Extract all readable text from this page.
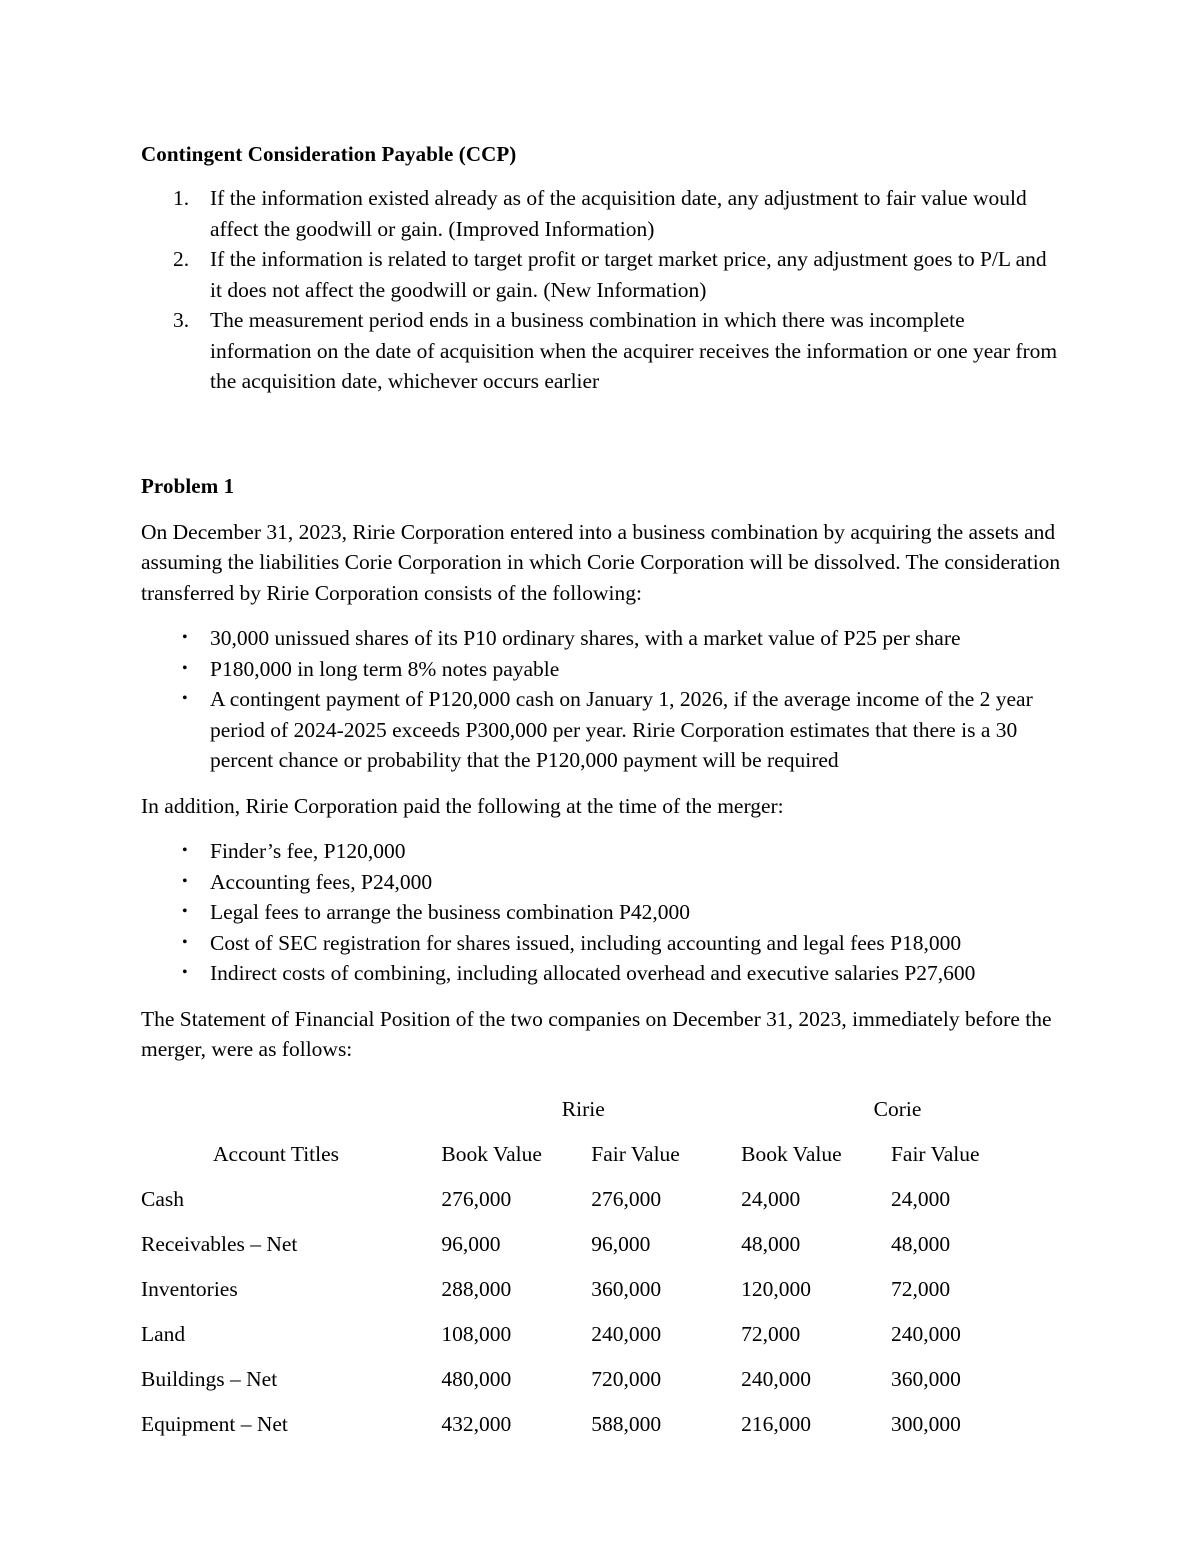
Contingent Consideration Payable (CCP)
1. If the information existed already as of the acquisition date, any adjustment to fair value would affect the goodwill or gain. (Improved Information)
2. If the information is related to target profit or target market price, any adjustment goes to P/L and it does not affect the goodwill or gain. (New Information)
3. The measurement period ends in a business combination in which there was incomplete information on the date of acquisition when the acquirer receives the information or one year from the acquisition date, whichever occurs earlier
Problem 1

On December 31, 2023, Ririe Corporation entered into a business combination by acquiring the assets and assuming the liabilities Corie Corporation in which Corie Corporation will be dissolved. The consideration transferred by Ririe Corporation consists of the following:

• 30,000 unissued shares of its P10 ordinary shares, with a market value of P25 per share
• P180,000 in long term 8% notes payable
• A contingent payment of P120,000 cash on January 1, 2026, if the average income of the 2 year period of 2024-2025 exceeds P300,000 per year. Ririe Corporation estimates that there is a 30 percent chance or probability that the P120,000 payment will be required

In addition, Ririe Corporation paid the following at the time of the merger:

• Finder’s fee, P120,000
• Accounting fees, P24,000
• Legal fees to arrange the business combination P42,000
• Cost of SEC registration for shares issued, including accounting and legal fees P18,000
• Indirect costs of combining, including allocated overhead and executive salaries P27,600

The Statement of Financial Position of the two companies on December 31, 2023, immediately before the merger, were as follows:

	Ririe		Corie	
Account Titles	Book Value	Fair Value	Book Value	Fair Value
Cash	276,000	276,000	24,000	24,000
Receivables – Net	96,000	96,000	48,000	48,000
Inventories	288,000	360,000	120,000	72,000
Land	108,000	240,000	72,000	240,000
Buildings – Net	480,000	720,000	240,000	360,000
Equipment – Net	432,000	588,000	216,000	300,000
